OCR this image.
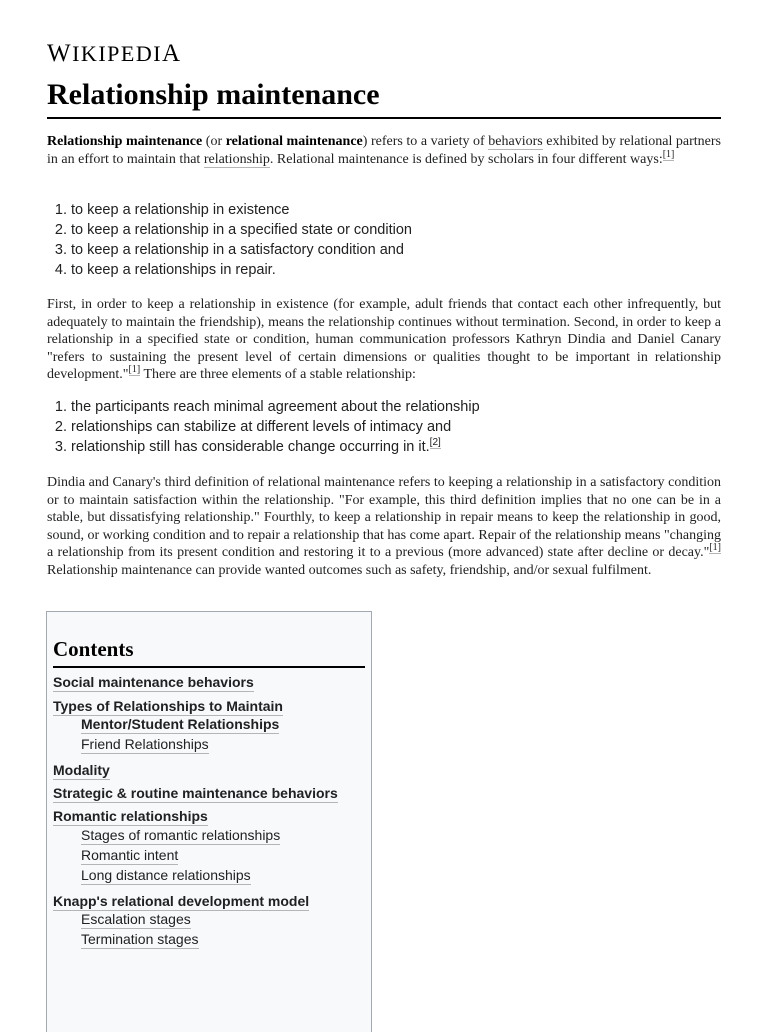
WIKIPEDIA
Relationship maintenance

Relationship maintenance (or relational maintenance) refers to a variety of behaviors exhibited by relational partners in an effort to maintain that relationship. Relational maintenance is defined by scholars in four different ways:[1]

1. to keep a relationship in existence
2. to keep a relationship in a specified state or condition
3. to keep a relationship in a satisfactory condition and
4. to keep a relationships in repair.

First, in order to keep a relationship in existence (for example, adult friends that contact each other infrequently, but adequately to maintain the friendship), means the relationship continues without termination. Second, in order to keep a relationship in a specified state or condition, human communication professors Kathryn Dindia and Daniel Canary "refers to sustaining the present level of certain dimensions or qualities thought to be important in relationship development."[1] There are three elements of a stable relationship:

1. the participants reach minimal agreement about the relationship
2. relationships can stabilize at different levels of intimacy and
3. relationship still has considerable change occurring in it.[2]

Dindia and Canary's third definition of relational maintenance refers to keeping a relationship in a satisfactory condition or to maintain satisfaction within the relationship. "For example, this third definition implies that no one can be in a stable, but dissatisfying relationship." Fourthly, to keep a relationship in repair means to keep the relationship in good, sound, or working condition and to repair a relationship that has come apart. Repair of the relationship means "changing a relationship from its present condition and restoring it to a previous (more advanced) state after decline or decay."[1] Relationship maintenance can provide wanted outcomes such as safety, friendship, and/or sexual fulfilment.

Contents
Social maintenance behaviors
Types of Relationships to Maintain
Mentor/Student Relationships
Friend Relationships
Modality
Strategic & routine maintenance behaviors
Romantic relationships
Stages of romantic relationships
Romantic intent
Long distance relationships
Knapp's relational development model
Escalation stages
Termination stages
